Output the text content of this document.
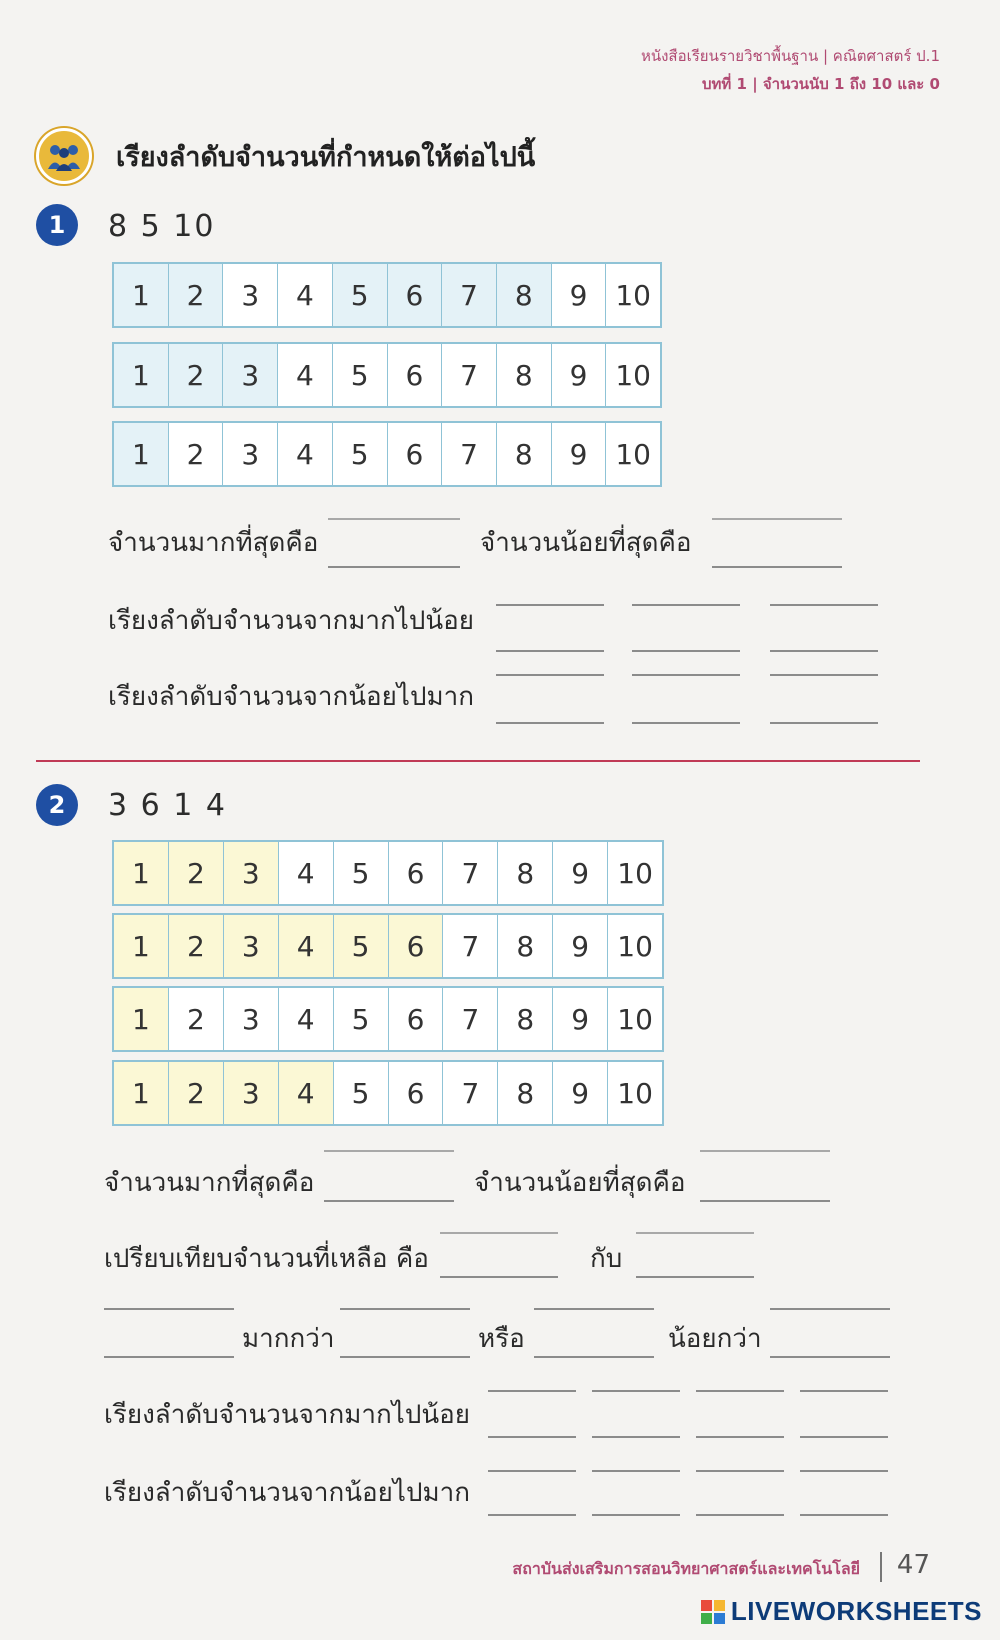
หนังสือเรียนรายวิชาพื้นฐาน | คณิตศาสตร์ ป.1
บทที่ 1 | จำนวนนับ 1 ถึง 10 และ 0
เรียงลำดับจำนวนที่กำหนดให้ต่อไปนี้
1	8 5 10
1	2	3	4	5	6	7	8	9 10
1	2	3	4	5	6	7	8	9 10
1	2	3	4	5	6	7	8	9 10
จำนวนมากที่สุดคือ	จำนวนน้อยที่สุดคือ
เรียงลำดับจำนวนจากมากไปน้อย
เรียงลำดับจำนวนจากน้อยไปมาก
2	3 6 1 4
1	2	3	4	5	6	7	8	9	10
1	2	3	4	5	6	7	8	9	10
1	2	3	4	5	6	7	8	9	10
1	2	3	4	5	6	7	8	9	10
จำนวนมากที่สุดคือ	จำนวนน้อยที่สุดคือ
เปรียบเทียบจำนวนที่เหลือ คือ	กับ
มากกว่า	หรือ	น้อยกว่า
เรียงลำดับจำนวนจากมากไปน้อย
เรียงลำดับจำนวนจากน้อยไปมาก
สถาบันส่งเสริมการสอนวิทยาศาสตร์และเทคโนโลยี 47
LIVEWORKSHEETS
